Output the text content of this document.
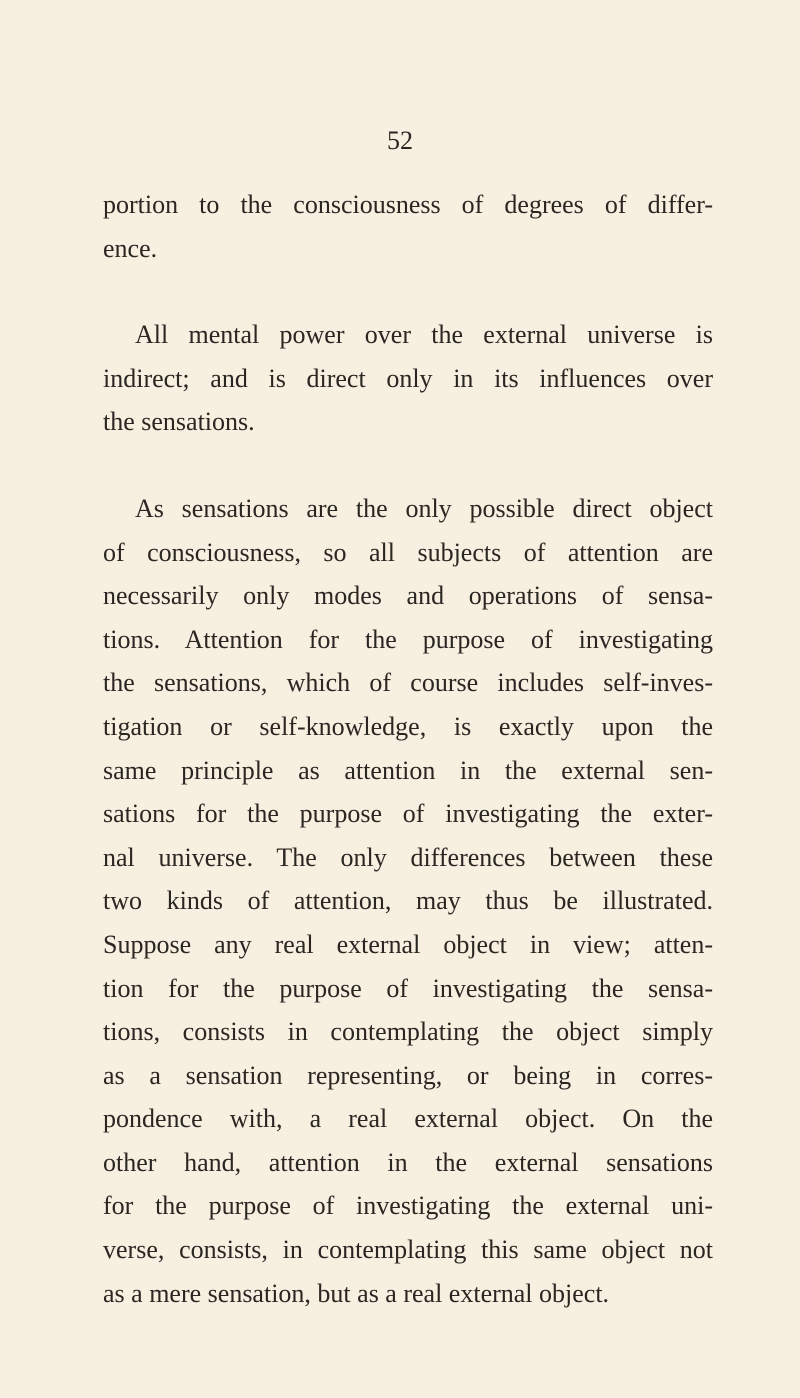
52

portion to the consciousness of degrees of differ-
ence.

All mental power over the external universe is
indirect; and is direct only in its influences over
the sensations.

As sensations are the only possible direct object
of consciousness, so all subjects of attention are
necessarily only modes and operations of sensa-
tions. Attention for the purpose of investigating
the sensations, which of course includes self-inves-
tigation or self-knowledge, is exactly upon the
same principle as attention in the external sen-
sations for the purpose of investigating the exter-
nal universe. The only differences between these
two kinds of attention, may thus be illustrated.
Suppose any real external object in view; atten-
tion for the purpose of investigating the sensa-
tions, consists in contemplating the object simply
as a sensation representing, or being in corres-
pondence with, a real external object. On the
other hand, attention in the external sensations
for the purpose of investigating the external uni-
verse, consists, in contemplating this same object not
as a mere sensation, but as a real external object.
